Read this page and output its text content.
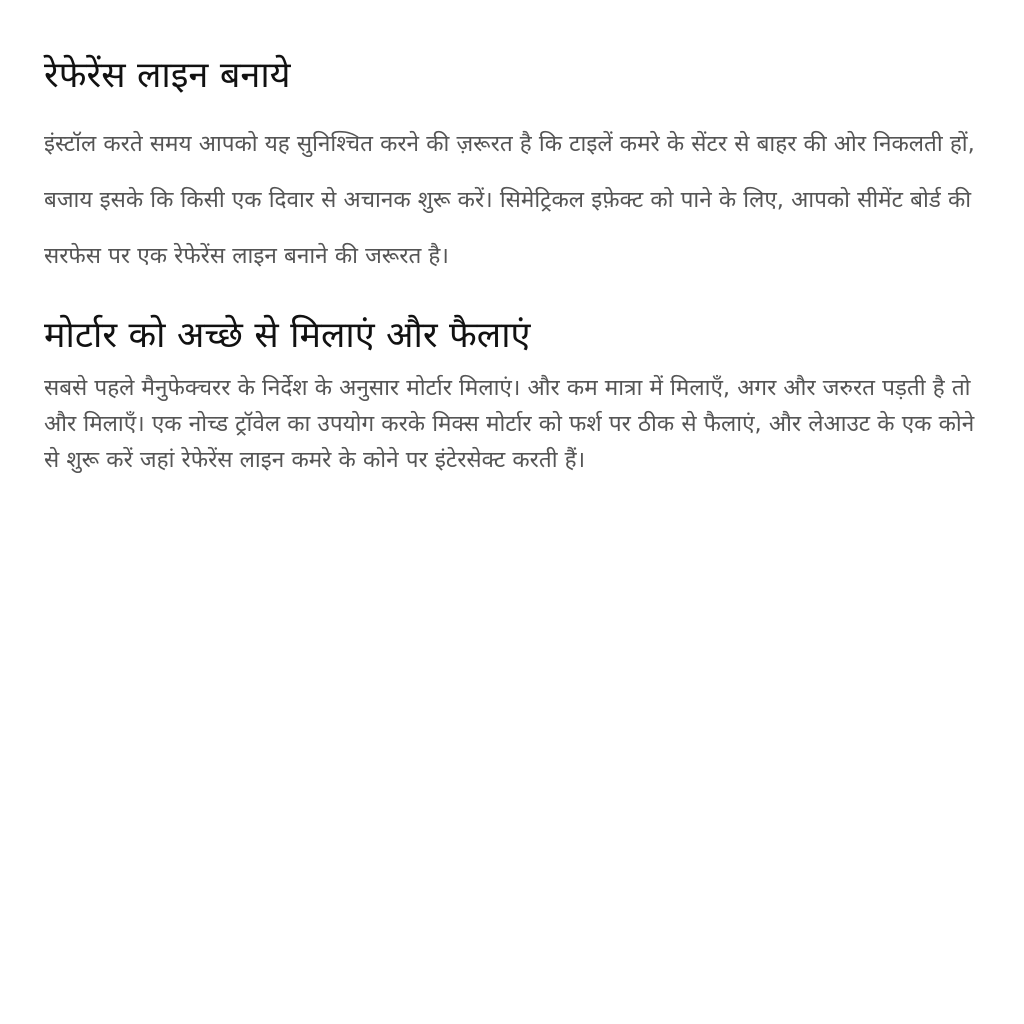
रेफेरेंस लाइन बनाये

इंस्टॉल करते समय आपको यह सुनिश्चित करने की ज़रूरत है कि टाइलें कमरे के सेंटर से बाहर की ओर निकलती हों, बजाय इसके कि किसी एक दिवार से अचानक शुरू करें। सिमेट्रिकल इफ़ेक्ट को पाने के लिए, आपको सीमेंट बोर्ड की सरफेस पर एक रेफेरेंस लाइन बनाने की जरूरत है।

मोर्टार को अच्छे से मिलाएं और फैलाएं

सबसे पहले मैनुफेक्चरर के निर्देश के अनुसार मोर्टार मिलाएं। और कम मात्रा में मिलाएँ, अगर और जरुरत पड़ती है तो और मिलाएँ। एक नोच्ड ट्रॉवेल का उपयोग करके मिक्स मोर्टार को फर्श पर ठीक से फैलाएं, और लेआउट के एक कोने से शुरू करें जहां रेफेरेंस लाइन कमरे के कोने पर इंटेरसेक्ट करती हैं।
